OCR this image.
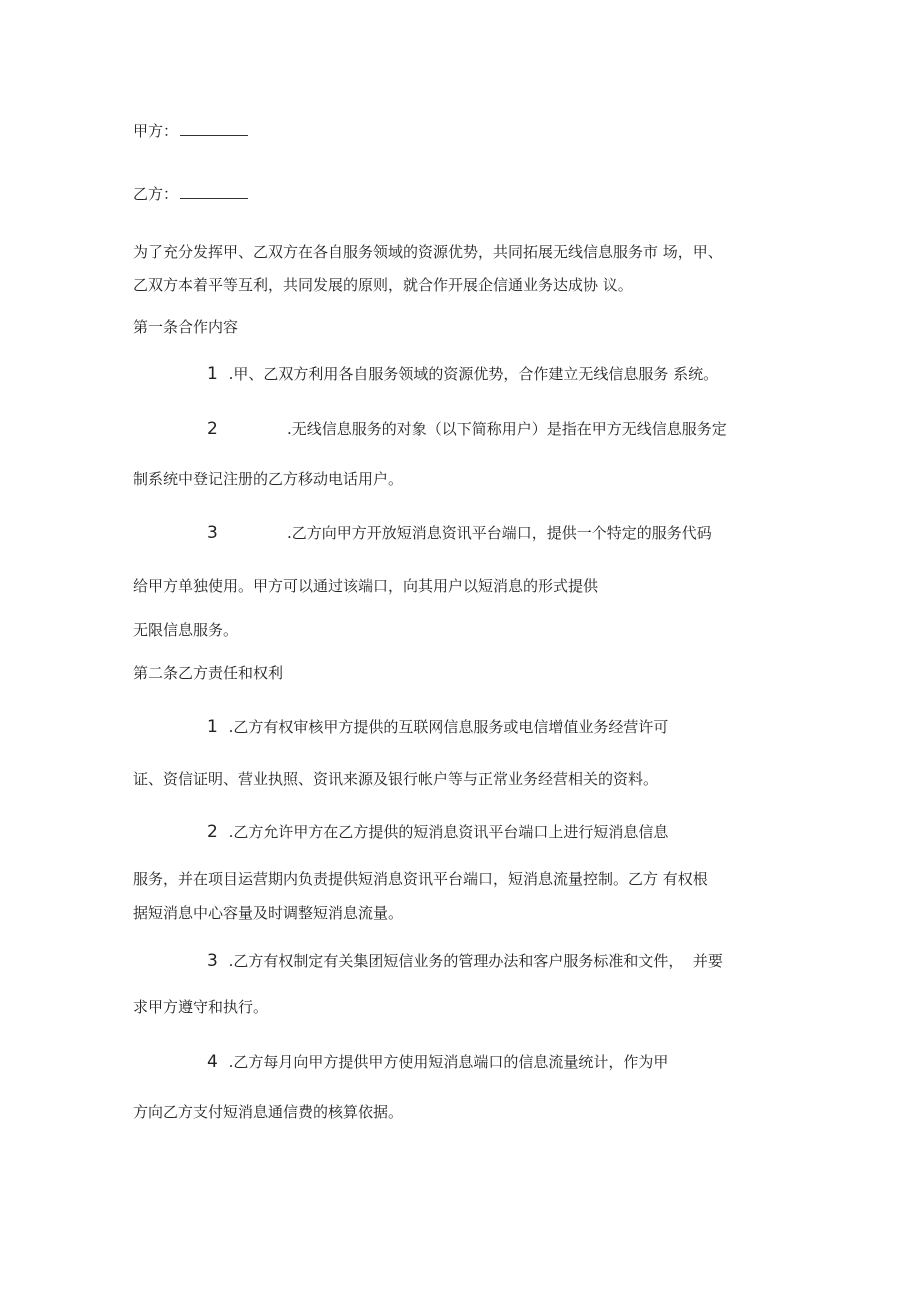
甲方：
乙方：
为了充分发挥甲、乙双方在各自服务领域的资源优势，共同拓展无线信息服务市 场，甲、
乙双方本着平等互利，共同发展的原则，就合作开展企信通业务达成协 议。
第一条合作内容
1 .甲、乙双方利用各自服务领域的资源优势，合作建立无线信息服务 系统。
2	.无线信息服务的对象（以下简称用户）是指在甲方无线信息服务定
制系统中登记注册的乙方移动电话用户。
3	.乙方向甲方开放短消息资讯平台端口，提供一个特定的服务代码
给甲方单独使用。甲方可以通过该端口，向其用户以短消息的形式提供
无限信息服务。
第二条乙方责任和权利
1 .乙方有权审核甲方提供的互联网信息服务或电信增值业务经营许可
证、资信证明、营业执照、资讯来源及银行帐户等与正常业务经营相关的资料。
2 .乙方允许甲方在乙方提供的短消息资讯平台端口上进行短消息信息
服务，并在项目运营期内负责提供短消息资讯平台端口，短消息流量控制。乙方 有权根
据短消息中心容量及时调整短消息流量。
3 .乙方有权制定有关集团短信业务的管理办法和客户服务标准和文件，  并要
求甲方遵守和执行。
4 .乙方每月向甲方提供甲方使用短消息端口的信息流量统计，作为甲
方向乙方支付短消息通信费的核算依据。
